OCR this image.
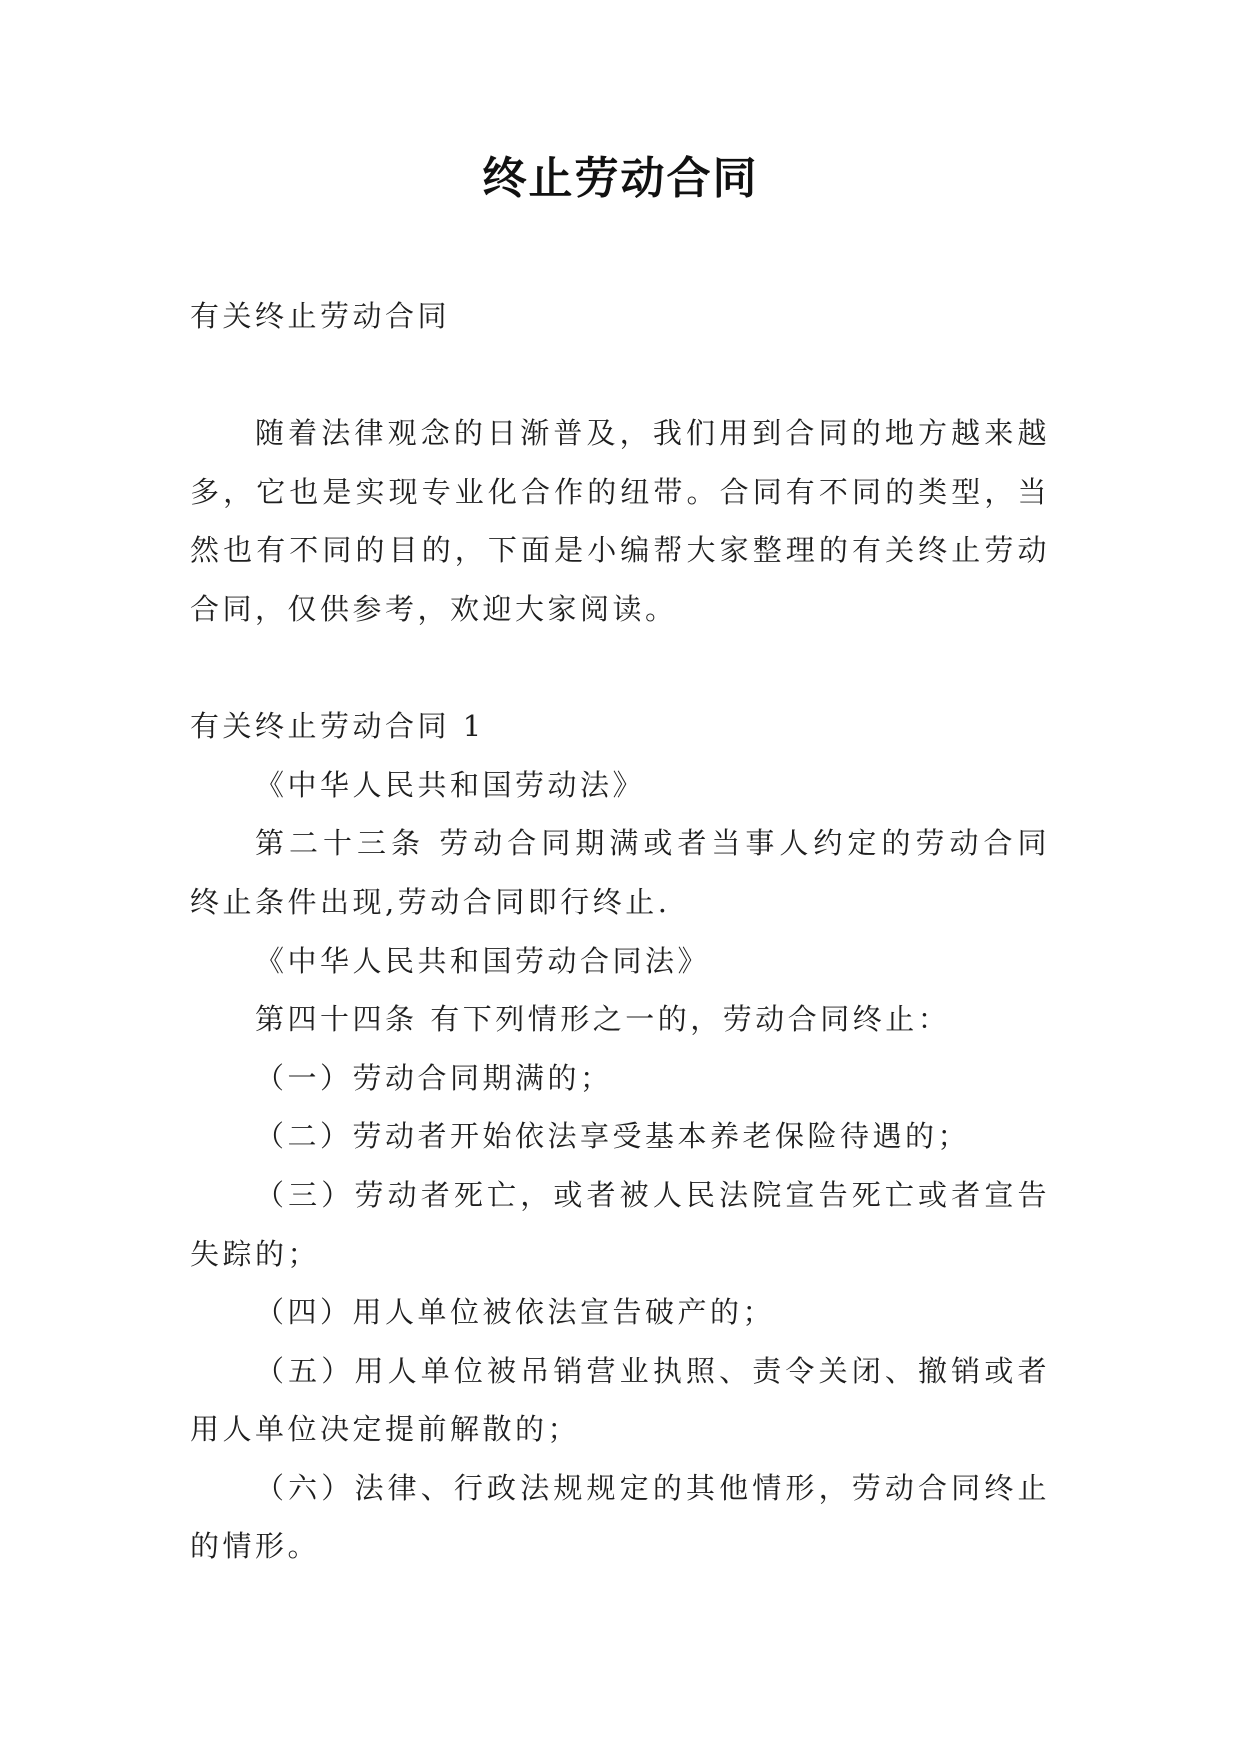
终止劳动合同
有关终止劳动合同
随着法律观念的日渐普及，我们用到合同的地方越来越
多，它也是实现专业化合作的纽带。合同有不同的类型，当
然也有不同的目的，下面是小编帮大家整理的有关终止劳动
合同，仅供参考，欢迎大家阅读。
有关终止劳动合同 1
《中华人民共和国劳动法》
第二十三条 劳动合同期满或者当事人约定的劳动合同
终止条件出现,劳动合同即行终止.
《中华人民共和国劳动合同法》
第四十四条 有下列情形之一的，劳动合同终止：
（一）劳动合同期满的；
（二）劳动者开始依法享受基本养老保险待遇的；
（三）劳动者死亡，或者被人民法院宣告死亡或者宣告
失踪的；
（四）用人单位被依法宣告破产的；
（五）用人单位被吊销营业执照、责令关闭、撤销或者
用人单位决定提前解散的；
（六）法律、行政法规规定的其他情形，劳动合同终止
的情形。
